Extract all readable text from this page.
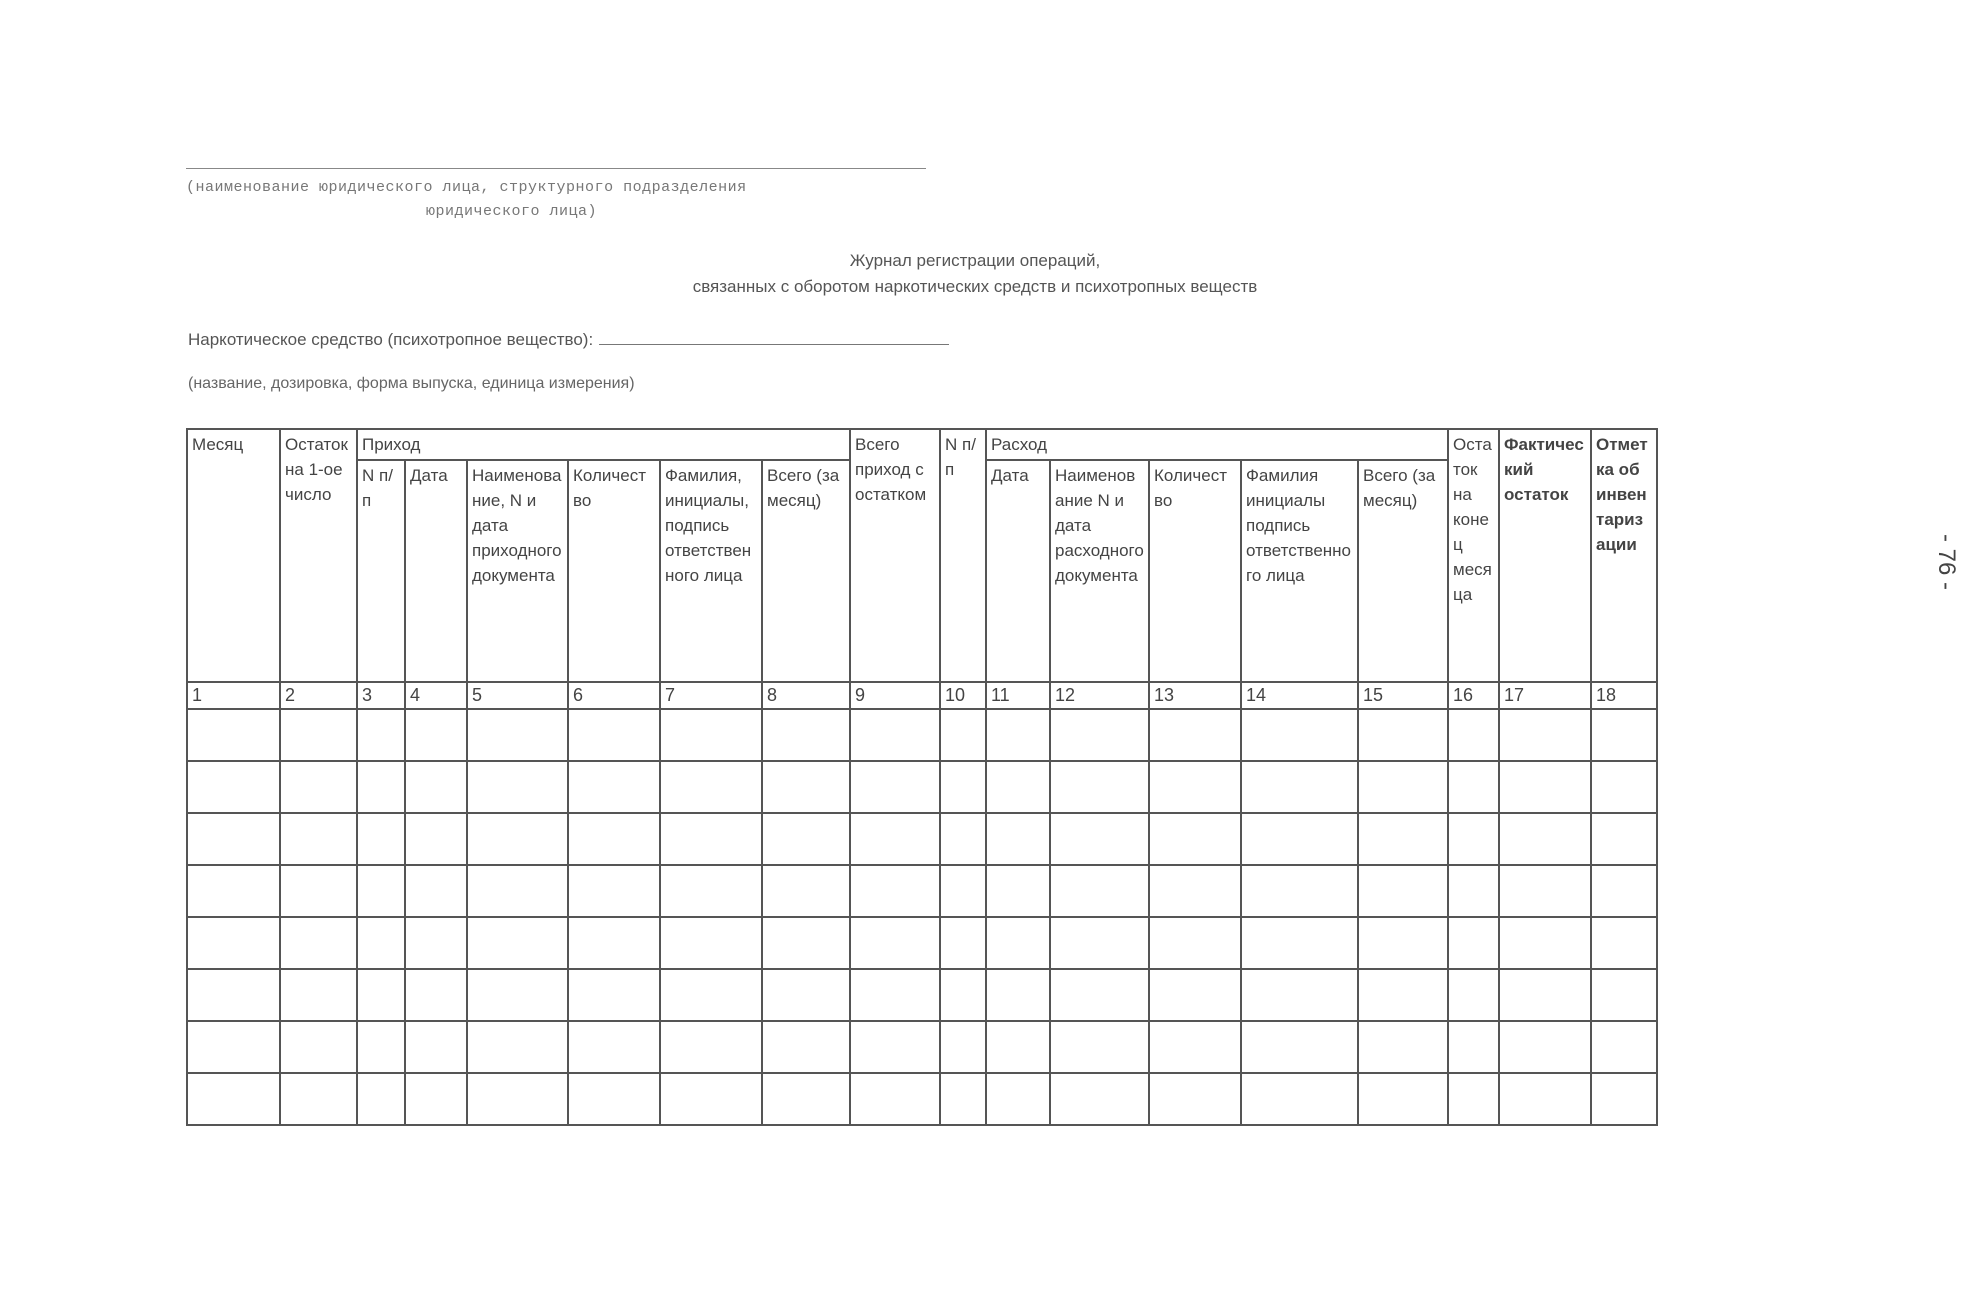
(наименование юридического лица, структурного подразделения
юридического лица)
Журнал регистрации операций,
связанных с оборотом наркотических средств и психотропных веществ
Наркотическое средство (психотропное вещество):
(название, дозировка, форма выпуска, единица измерения)
- 76 -
Месяц	Остаток на 1-ое число	Приход						Всего приход с остатком	N п/п	Расход					Остаток на конец месяца	Фактический остаток	Отметка об инвентаризации
		N п/п	Дата	Наименование, N и дата приходного документа	Количество	Фамилия, инициалы, подпись ответственного лица	Всего (за месяц)			Дата	Наименование N и дата расходного документа	Количество	Фамилия инициалы подпись ответственного лица	Всего (за месяц)			
1	2	3	4	5	6	7	8	9	10	11	12	13	14	15	16	17	18
